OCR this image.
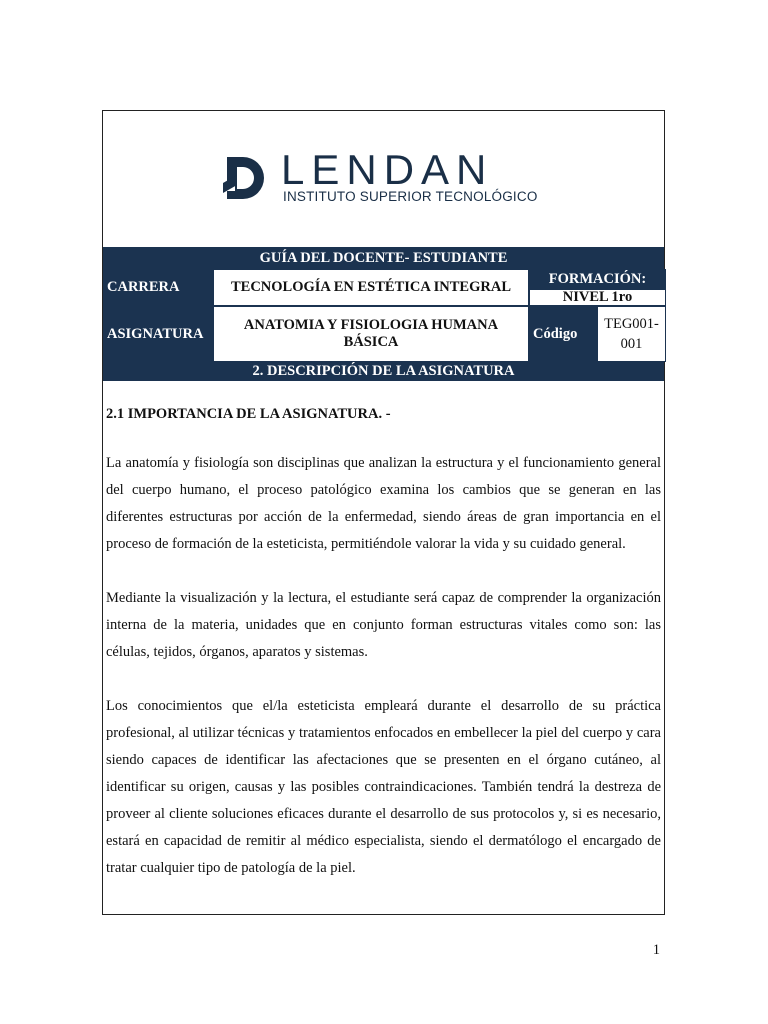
LENDAN
INSTITUTO SUPERIOR TECNOLÓGICO
GUÍA DEL DOCENTE- ESTUDIANTE
CARRERA	TECNOLOGÍA EN ESTÉTICA INTEGRAL
FORMACIÓN:
NIVEL 1ro
ASIGNATURA
ANATOMIA Y FISIOLOGIA HUMANA BÁSICA
Código
TEG001-001
2. DESCRIPCIÓN DE LA ASIGNATURA
2.1 IMPORTANCIA DE LA ASIGNATURA. -

La anatomía y fisiología son disciplinas que analizan la estructura y el funcionamiento general del cuerpo humano, el proceso patológico examina los cambios que se generan en las diferentes estructuras por acción de la enfermedad, siendo áreas de gran importancia en el proceso de formación de la esteticista, permitiéndole valorar la vida y su cuidado general.

Mediante la visualización y la lectura, el estudiante será capaz de comprender la organización interna de la materia, unidades que en conjunto forman estructuras vitales como son: las células, tejidos, órganos, aparatos y sistemas.

Los conocimientos que el/la esteticista empleará durante el desarrollo de su práctica profesional, al utilizar técnicas y tratamientos enfocados en embellecer la piel del cuerpo y cara siendo capaces de identificar las afectaciones que se presenten en el órgano cutáneo, al identificar su origen, causas y las posibles contraindicaciones. También tendrá la destreza de proveer al cliente soluciones eficaces durante el desarrollo de sus protocolos y, si es necesario, estará en capacidad de remitir al médico especialista, siendo el dermatólogo el encargado de tratar cualquier tipo de patología de la piel.

1
